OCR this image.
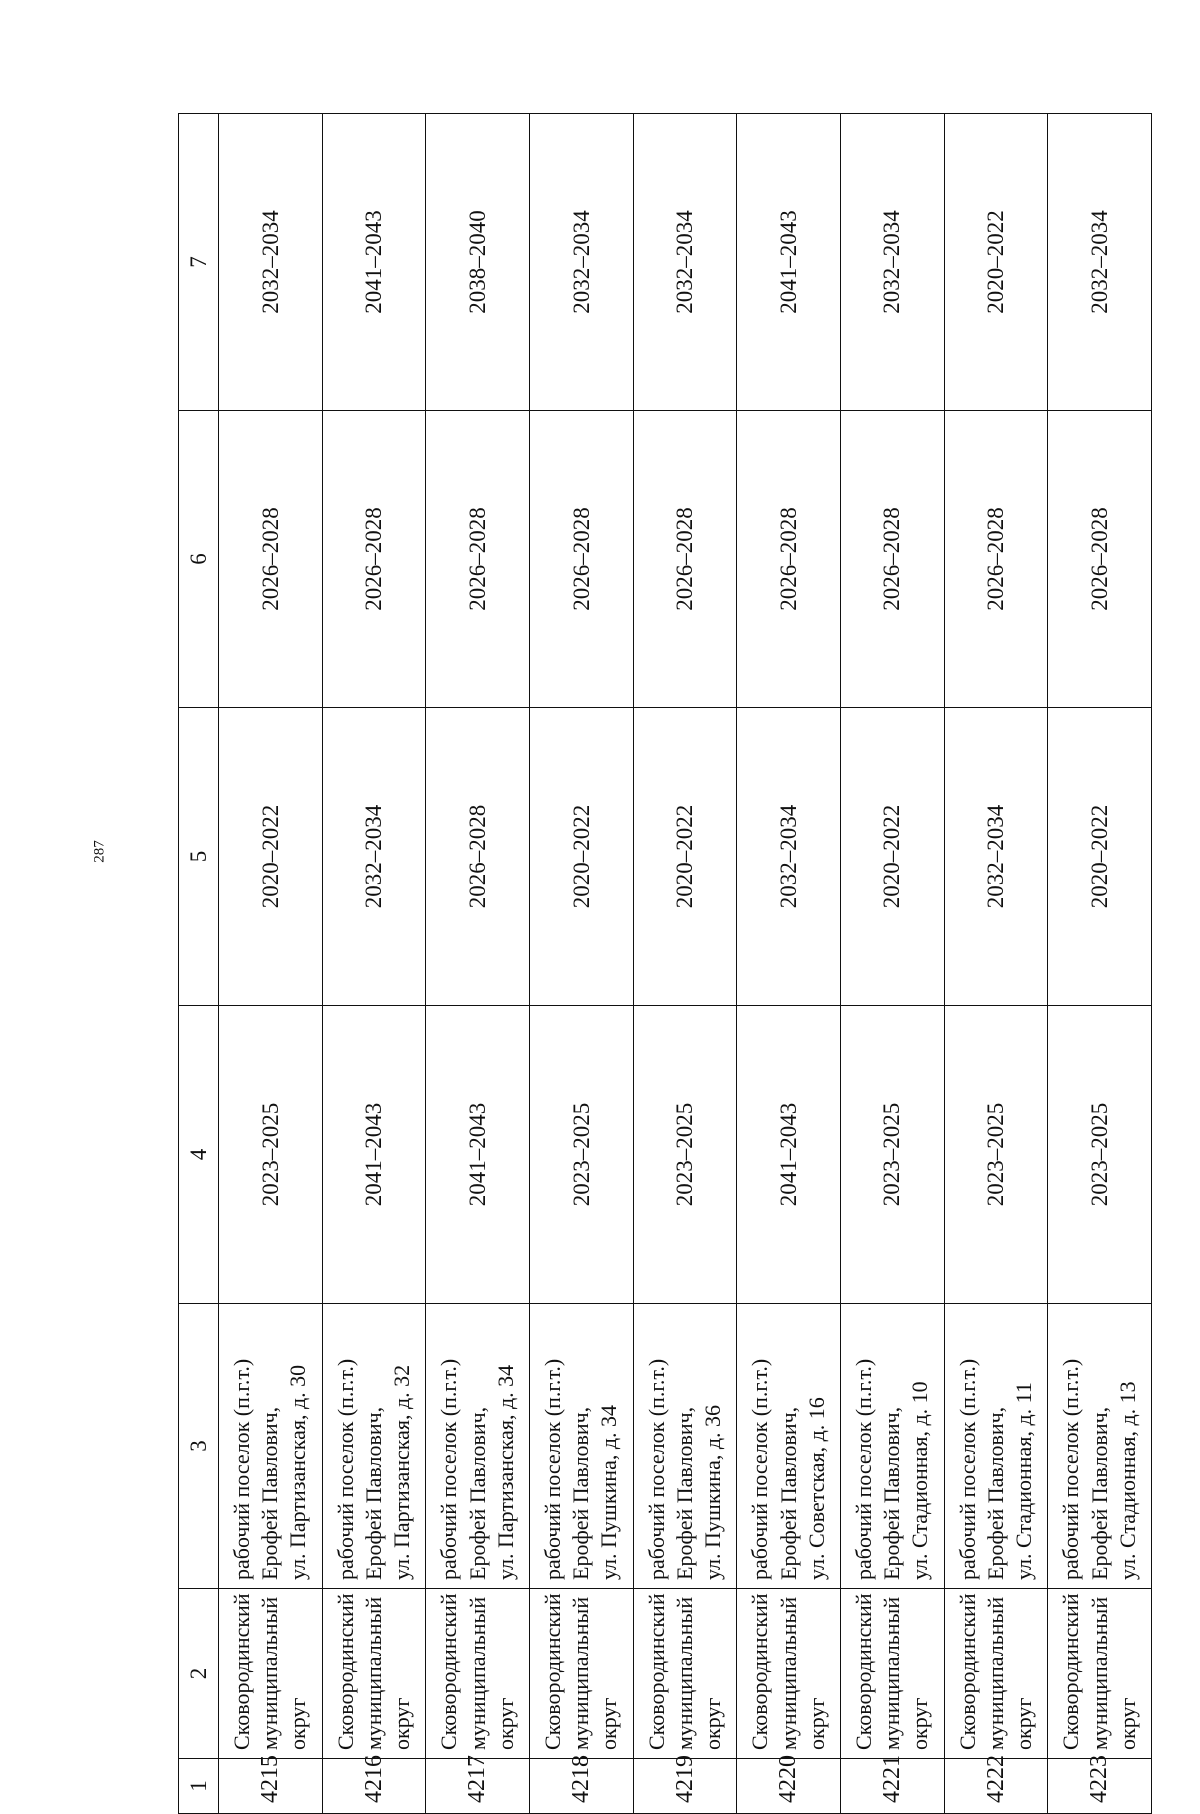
287
1	2	3	4	5	6	7
4215	Сковородинский муниципальный округ	рабочий поселок (п.г.т.) Ерофей Павлович, ул. Партизанская, д. 30	2023–2025	2020–2022	2026–2028	2032–2034
4216	Сковородинский муниципальный округ	рабочий поселок (п.г.т.) Ерофей Павлович, ул. Партизанская, д. 32	2041–2043	2032–2034	2026–2028	2041–2043
4217	Сковородинский муниципальный округ	рабочий поселок (п.г.т.) Ерофей Павлович, ул. Партизанская, д. 34	2041–2043	2026–2028	2026–2028	2038–2040
4218	Сковородинский муниципальный округ	рабочий поселок (п.г.т.) Ерофей Павлович, ул. Пушкина, д. 34	2023–2025	2020–2022	2026–2028	2032–2034
4219	Сковородинский муниципальный округ	рабочий поселок (п.г.т.) Ерофей Павлович, ул. Пушкина, д. 36	2023–2025	2020–2022	2026–2028	2032–2034
4220	Сковородинский муниципальный округ	рабочий поселок (п.г.т.) Ерофей Павлович, ул. Советская, д. 16	2041–2043	2032–2034	2026–2028	2041–2043
4221	Сковородинский муниципальный округ	рабочий поселок (п.г.т.) Ерофей Павлович, ул. Стадионная, д. 10	2023–2025	2020–2022	2026–2028	2032–2034
4222	Сковородинский муниципальный округ	рабочий поселок (п.г.т.) Ерофей Павлович, ул. Стадионная, д. 11	2023–2025	2032–2034	2026–2028	2020–2022
4223	Сковородинский муниципальный округ	рабочий поселок (п.г.т.) Ерофей Павлович, ул. Стадионная, д. 13	2023–2025	2020–2022	2026–2028	2032–2034
